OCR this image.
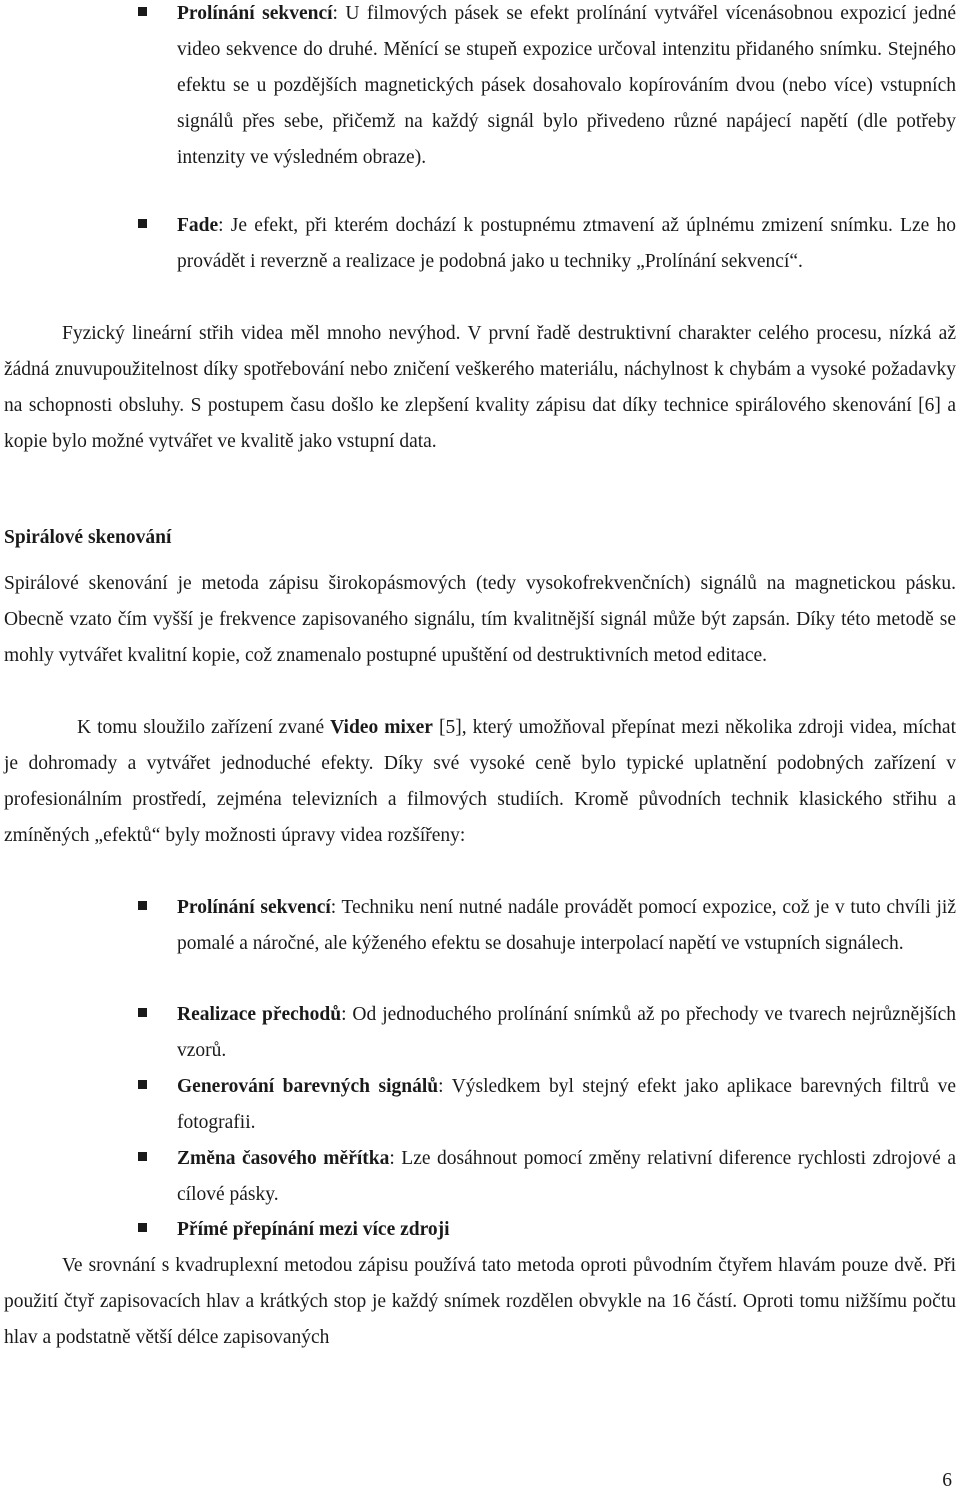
Prolínání sekvencí: U filmových pásek se efekt prolínání vytvářel vícenásobnou expozicí jedné video sekvence do druhé. Měnící se stupeň expozice určoval intenzitu přidaného snímku. Stejného efektu se u pozdějších magnetických pásek dosahovalo kopírováním dvou (nebo více) vstupních signálů přes sebe, přičemž na každý signál bylo přivedeno různé napájecí napětí (dle potřeby intenzity ve výsledném obraze).

Fade: Je efekt, při kterém dochází k postupnému ztmavení až úplnému zmizení snímku. Lze ho provádět i reverzně a realizace je podobná jako u techniky „Prolínání sekvencí“.

Fyzický lineární střih videa měl mnoho nevýhod. V první řadě destruktivní charakter celého procesu, nízká až žádná znuvupoužitelnost díky spotřebování nebo zničení veškerého materiálu, náchylnost k chybám a vysoké požadavky na schopnosti obsluhy. S postupem času došlo ke zlepšení kvality zápisu dat díky technice spirálového skenování [6] a kopie bylo možné vytvářet ve kvalitě jako vstupní data.

Spirálové skenování

Spirálové skenování je metoda zápisu širokopásmových (tedy vysokofrekvenčních) signálů na magnetickou pásku. Obecně vzato čím vyšší je frekvence zapisovaného signálu, tím kvalitnější signál může být zapsán. Díky této metodě se mohly vytvářet kvalitní kopie, což znamenalo postupné upuštění od destruktivních metod editace.

K tomu sloužilo zařízení zvané Video mixer [5], který umožňoval přepínat mezi několika zdroji videa, míchat je dohromady a vytvářet jednoduché efekty. Díky své vysoké ceně bylo typické uplatnění podobných zařízení v profesionálním prostředí, zejména televizních a filmových studiích. Kromě původních technik klasického střihu a zmíněných „efektů“ byly možnosti úpravy videa rozšířeny:

Prolínání sekvencí: Techniku není nutné nadále provádět pomocí expozice, což je v tuto chvíli již pomalé a náročné, ale kýženého efektu se dosahuje interpolací napětí ve vstupních signálech.

Realizace přechodů: Od jednoduchého prolínání snímků až po přechody ve tvarech nejrůznějších vzorů.

Generování barevných signálů: Výsledkem byl stejný efekt jako aplikace barevných filtrů ve fotografii.

Změna časového měřítka: Lze dosáhnout pomocí změny relativní diference rychlosti zdrojové a cílové pásky.

Přímé přepínání mezi více zdroji

Ve srovnání s kvadruplexní metodou zápisu používá tato metoda oproti původním čtyřem hlavám pouze dvě. Při použití čtyř zapisovacích hlav a krátkých stop je každý snímek rozdělen obvykle na 16 částí. Oproti tomu nižšímu počtu hlav a podstatně větší délce zapisovaných

6
